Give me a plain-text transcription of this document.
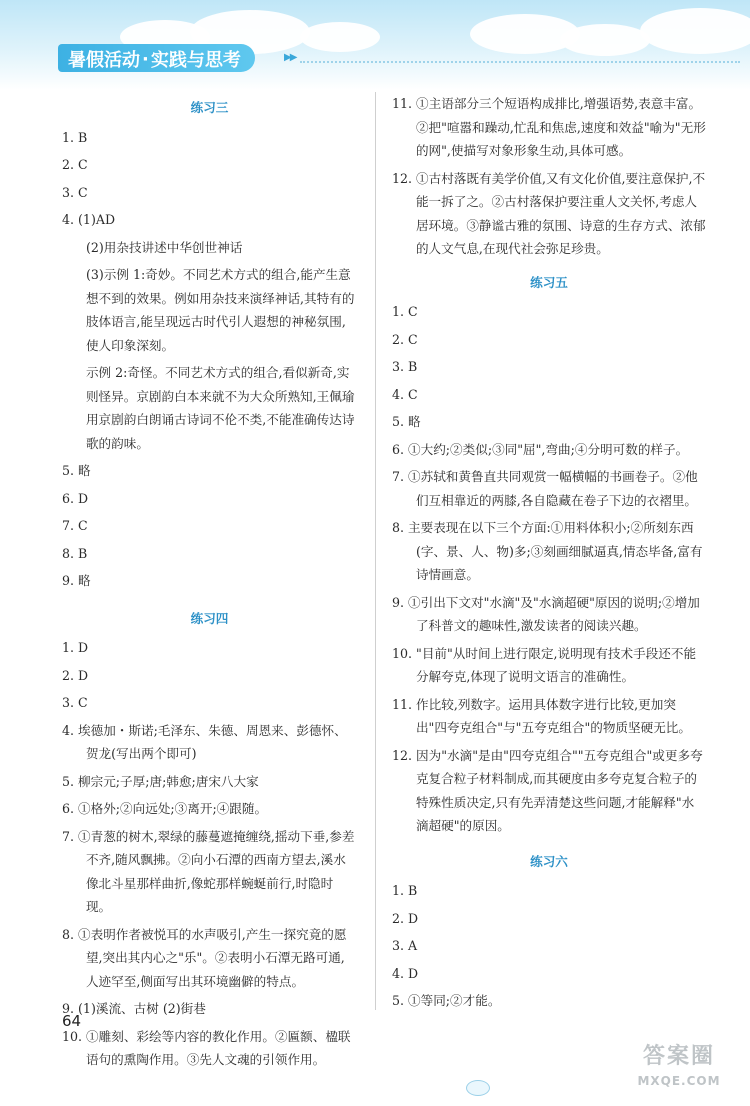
暑假活动 · 实践与思考	▶▶
练习三
1. B
2. C
3. C
4. (1)AD
(2)用杂技讲述中华创世神话
(3)示例 1:奇妙。不同艺术方式的组合,能产生意想不到的效果。例如用杂技来演绎神话,其特有的肢体语言,能呈现远古时代引人遐想的神秘氛围,使人印象深刻。
示例 2:奇怪。不同艺术方式的组合,看似新奇,实则怪异。京剧韵白本来就不为大众所熟知,王佩瑜用京剧韵白朗诵古诗词不伦不类,不能准确传达诗歌的韵味。
5. 略
6. D
7. C
8. B
9. 略
练习四
1. D
2. D
3. C
4. 埃德加・斯诺;毛泽东、朱德、周恩来、彭德怀、贺龙(写出两个即可)
5. 柳宗元;子厚;唐;韩愈;唐宋八大家
6. ①格外;②向远处;③离开;④跟随。
7. ①青葱的树木,翠绿的藤蔓遮掩缠绕,摇动下垂,参差不齐,随风飘拂。②向小石潭的西南方望去,溪水像北斗星那样曲折,像蛇那样蜿蜒前行,时隐时现。
8. ①表明作者被悦耳的水声吸引,产生一探究竟的愿望,突出其内心之"乐"。②表明小石潭无路可通,人迹罕至,侧面写出其环境幽僻的特点。
9. (1)溪流、古树 (2)街巷
10. ①雕刻、彩绘等内容的教化作用。②匾额、楹联语句的熏陶作用。③先人文魂的引领作用。
11. ①主语部分三个短语构成排比,增强语势,表意丰富。②把"喧嚣和躁动,忙乱和焦虑,速度和效益"喻为"无形的网",使描写对象形象生动,具体可感。
12. ①古村落既有美学价值,又有文化价值,要注意保护,不能一拆了之。②古村落保护要注重人文关怀,考虑人居环境。③静谧古雅的氛围、诗意的生存方式、浓郁的人文气息,在现代社会弥足珍贵。
练习五
1. C
2. C
3. B
4. C
5. 略
6. ①大约;②类似;③同"屈",弯曲;④分明可数的样子。
7. ①苏轼和黄鲁直共同观赏一幅横幅的书画卷子。②他们互相靠近的两膝,各自隐藏在卷子下边的衣褶里。
8. 主要表现在以下三个方面:①用料体积小;②所刻东西(字、景、人、物)多;③刻画细腻逼真,情态毕备,富有诗情画意。
9. ①引出下文对"水滴"及"水滴超硬"原因的说明;②增加了科普文的趣味性,激发读者的阅读兴趣。
10. "目前"从时间上进行限定,说明现有技术手段还不能分解夸克,体现了说明文语言的准确性。
11. 作比较,列数字。运用具体数字进行比较,更加突出"四夸克组合"与"五夸克组合"的物质坚硬无比。
12. 因为"水滴"是由"四夸克组合""五夸克组合"或更多夸克复合粒子材料制成,而其硬度由多夸克复合粒子的特殊性质决定,只有先弄清楚这些问题,才能解释"水滴超硬"的原因。
练习六
1. B
2. D
3. A
4. D
5. ①等同;②才能。
64
答案圈
MXQE.COM
